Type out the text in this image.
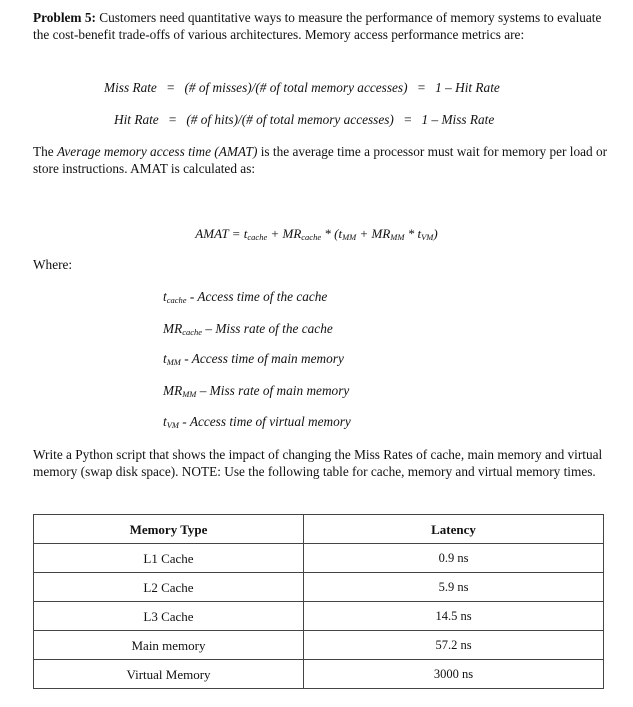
Problem 5: Customers need quantitative ways to measure the performance of memory systems to evaluate the cost-benefit trade-offs of various architectures. Memory access performance metrics are:
Miss Rate = (# of misses)/(# of total memory accesses) = 1 – Hit Rate
Hit Rate = (# of hits)/(# of total memory accesses) = 1 – Miss Rate
The Average memory access time (AMAT) is the average time a processor must wait for memory per load or store instructions. AMAT is calculated as:
AMAT = $t_{cache} + MR_{cache} * (t_{MM} + MR_{MM} * t_{VM})$
Where:
$t_{cache}$ - Access time of the cache
$MR_{cache}$ – Miss rate of the cache
$t_{MM}$ - Access time of main memory
$MR_{MM}$ – Miss rate of main memory
$t_{VM}$ - Access time of virtual memory
Write a Python script that shows the impact of changing the Miss Rates of cache, main memory and virtual memory (swap disk space). NOTE: Use the following table for cache, memory and virtual memory times.
Memory Type	Latency
L1 Cache	0.9 ns
L2 Cache	5.9 ns
L3 Cache	14.5 ns
Main memory	57.2 ns
Virtual Memory	3000 ns
